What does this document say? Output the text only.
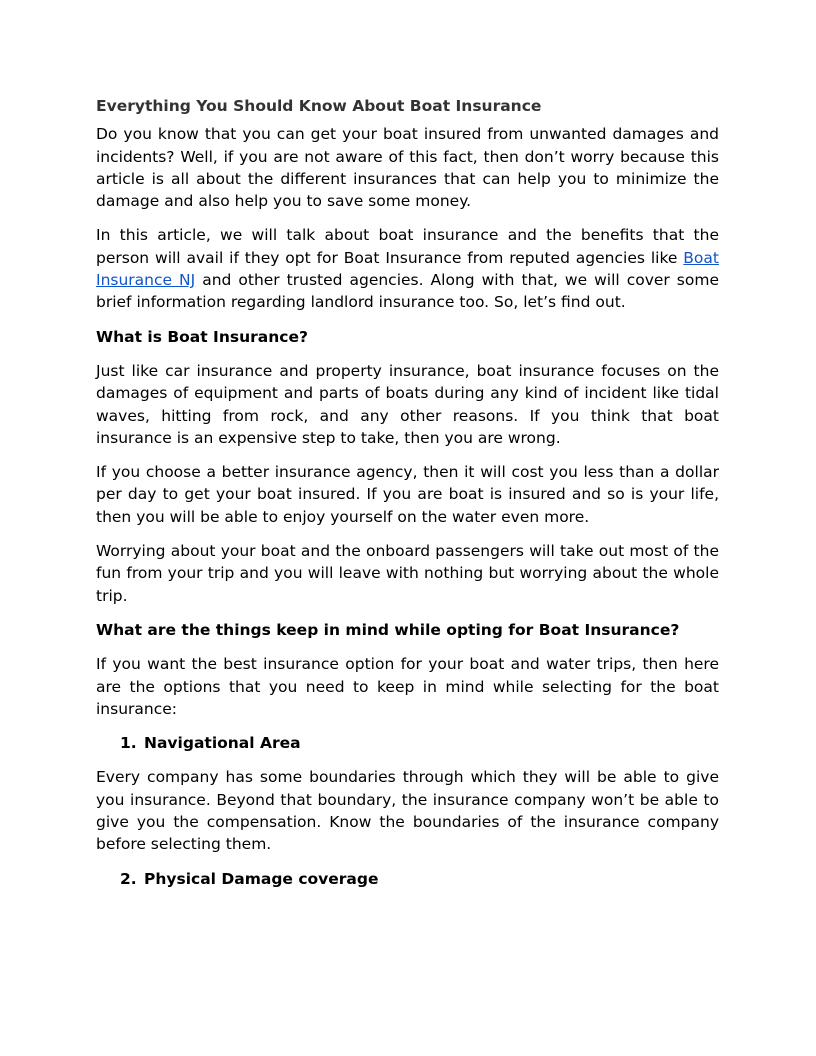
Everything You Should Know About Boat Insurance

Do you know that you can get your boat insured from unwanted damages and incidents? Well, if you are not aware of this fact, then don’t worry because this article is all about the different insurances that can help you to minimize the damage and also help you to save some money.

In this article, we will talk about boat insurance and the benefits that the person will avail if they opt for Boat Insurance from reputed agencies like Boat Insurance NJ and other trusted agencies. Along with that, we will cover some brief information regarding landlord insurance too. So, let’s find out.

What is Boat Insurance?

Just like car insurance and property insurance, boat insurance focuses on the damages of equipment and parts of boats during any kind of incident like tidal waves, hitting from rock, and any other reasons. If you think that boat insurance is an expensive step to take, then you are wrong.

If you choose a better insurance agency, then it will cost you less than a dollar per day to get your boat insured. If you are boat is insured and so is your life, then you will be able to enjoy yourself on the water even more.

Worrying about your boat and the onboard passengers will take out most of the fun from your trip and you will leave with nothing but worrying about the whole trip.

What are the things keep in mind while opting for Boat Insurance?

If you want the best insurance option for your boat and water trips, then here are the options that you need to keep in mind while selecting for the boat insurance:

1. Navigational Area

Every company has some boundaries through which they will be able to give you insurance. Beyond that boundary, the insurance company won’t be able to give you the compensation. Know the boundaries of the insurance company before selecting them.

2. Physical Damage coverage
